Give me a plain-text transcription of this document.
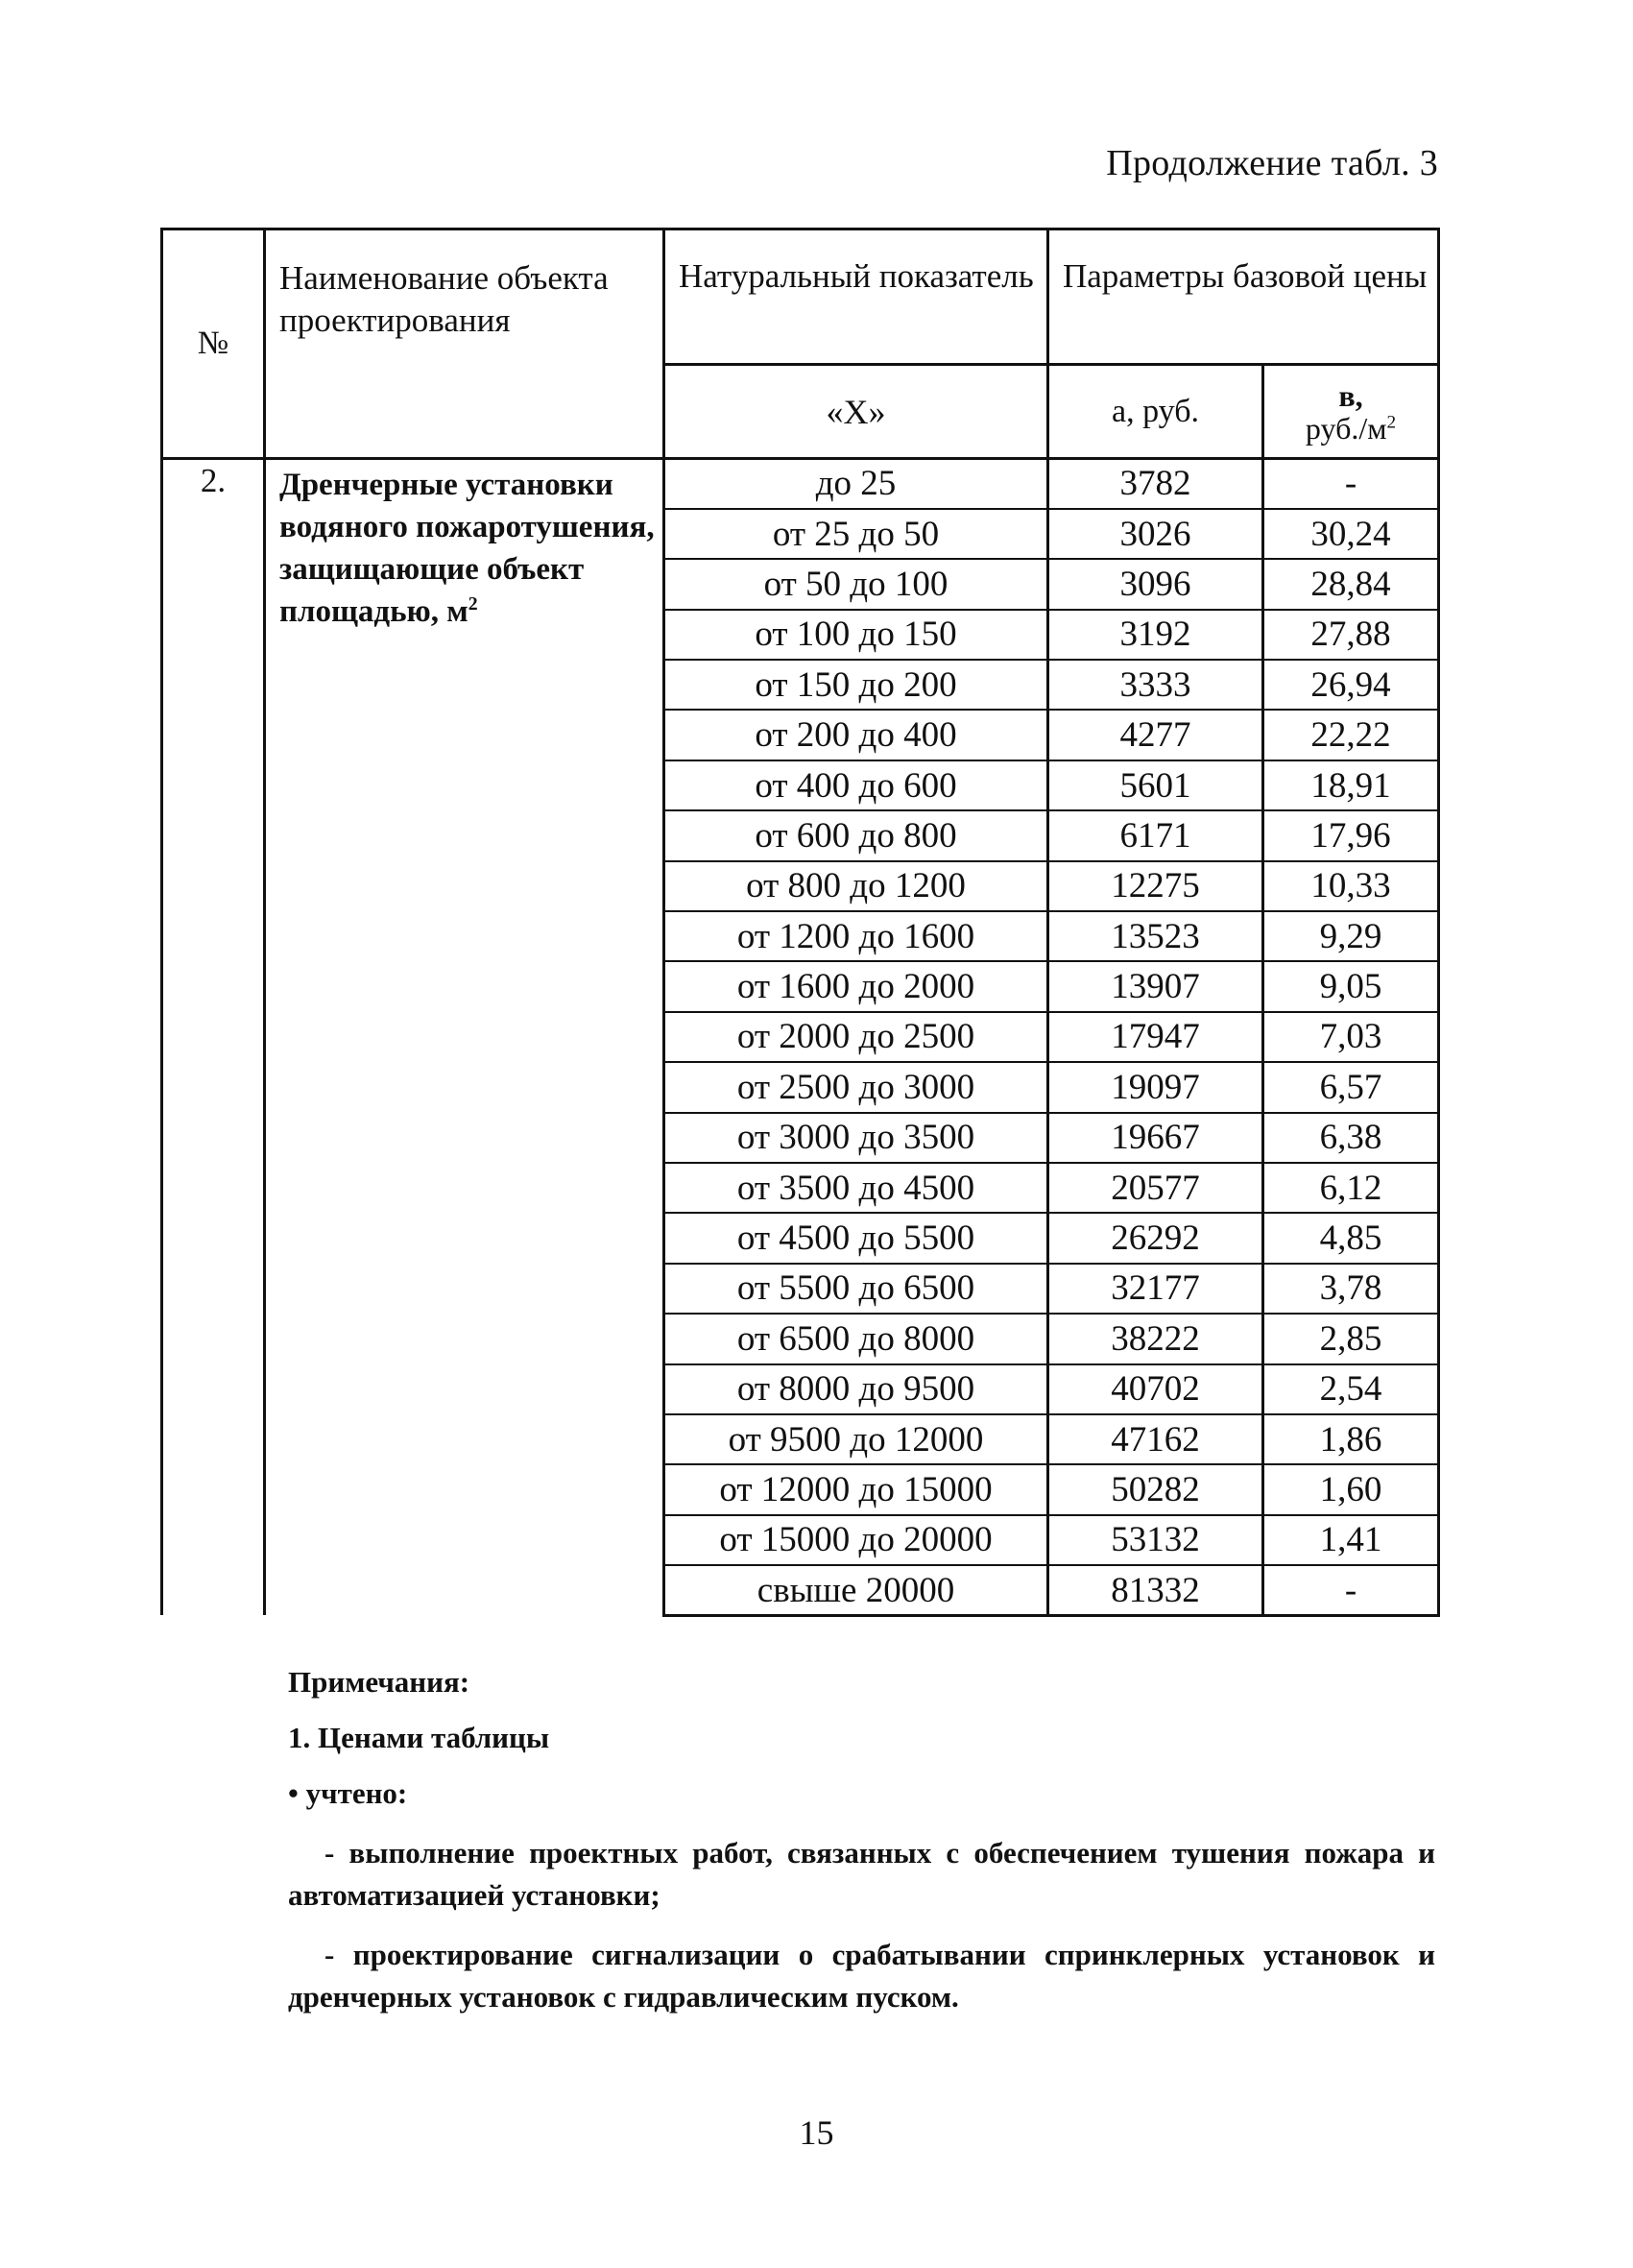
Продолжение табл. 3
№	Наименование объекта проектирования	Натуральный показатель	Параметры базовой цены	
		«X»	а, руб.	в,
$руб./м^2$
2.	Дренчерные установки водяного пожаротушения, защищающие объект площадью, $м^2$	до 25	3782	-
		от 25 до 50	3026	30,24
		от 50 до 100	3096	28,84
		от 100 до 150	3192	27,88
		от 150 до 200	3333	26,94
		от 200 до 400	4277	22,22
		от 400 до 600	5601	18,91
		от 600 до 800	6171	17,96
		от 800 до 1200	12275	10,33
		от 1200 до 1600	13523	9,29
		от 1600 до 2000	13907	9,05
		от 2000 до 2500	17947	7,03
		от 2500 до 3000	19097	6,57
		от 3000 до 3500	19667	6,38
		от 3500 до 4500	20577	6,12
		от 4500 до 5500	26292	4,85
		от 5500 до 6500	32177	3,78
		от 6500 до 8000	38222	2,85
		от 8000 до 9500	40702	2,54
		от 9500 до 12000	47162	1,86
		от 12000 до 15000	50282	1,60
		от 15000 до 20000	53132	1,41
		свыше 20000	81332	-
Примечания:
1. Ценами таблицы
• учтено:
- выполнение проектных работ, связанных с обеспечением тушения пожара и автоматизацией установки;
- проектирование сигнализации о срабатывании спринклерных установок и дренчерных установок с гидравлическим пуском.
15
